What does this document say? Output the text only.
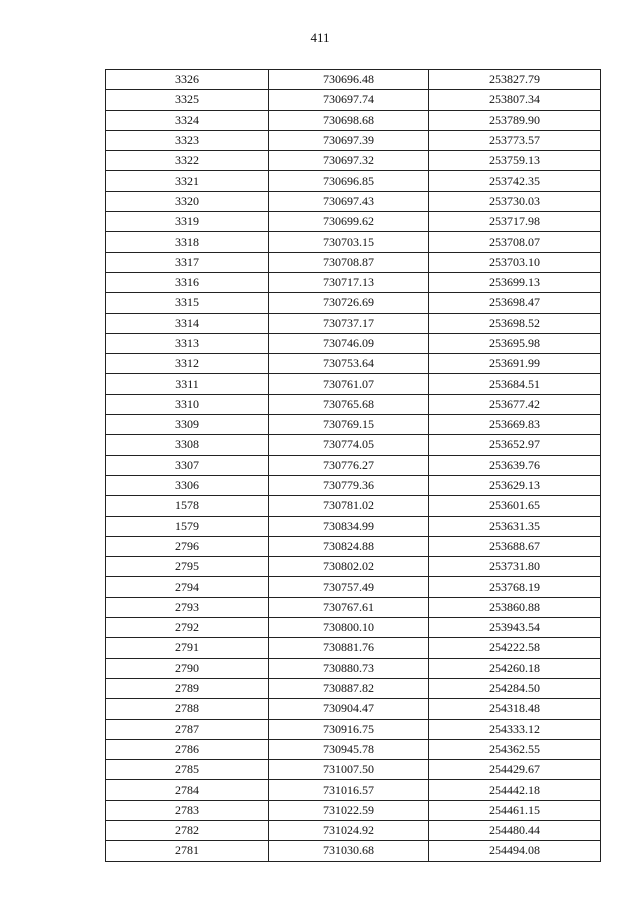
411
3326	730696.48	253827.79
3325	730697.74	253807.34
3324	730698.68	253789.90
3323	730697.39	253773.57
3322	730697.32	253759.13
3321	730696.85	253742.35
3320	730697.43	253730.03
3319	730699.62	253717.98
3318	730703.15	253708.07
3317	730708.87	253703.10
3316	730717.13	253699.13
3315	730726.69	253698.47
3314	730737.17	253698.52
3313	730746.09	253695.98
3312	730753.64	253691.99
3311	730761.07	253684.51
3310	730765.68	253677.42
3309	730769.15	253669.83
3308	730774.05	253652.97
3307	730776.27	253639.76
3306	730779.36	253629.13
1578	730781.02	253601.65
1579	730834.99	253631.35
2796	730824.88	253688.67
2795	730802.02	253731.80
2794	730757.49	253768.19
2793	730767.61	253860.88
2792	730800.10	253943.54
2791	730881.76	254222.58
2790	730880.73	254260.18
2789	730887.82	254284.50
2788	730904.47	254318.48
2787	730916.75	254333.12
2786	730945.78	254362.55
2785	731007.50	254429.67
2784	731016.57	254442.18
2783	731022.59	254461.15
2782	731024.92	254480.44
2781	731030.68	254494.08
